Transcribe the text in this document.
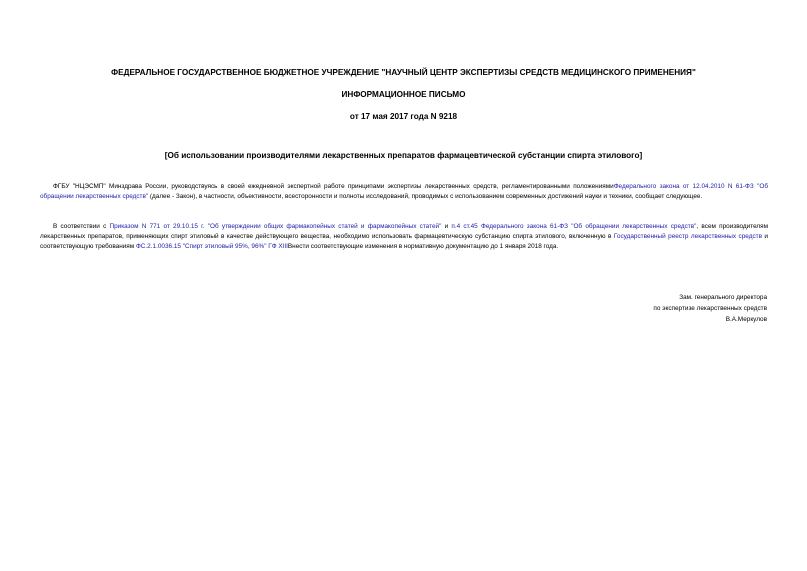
ФЕДЕРАЛЬНОЕ ГОСУДАРСТВЕННОЕ БЮДЖЕТНОЕ УЧРЕЖДЕНИЕ "НАУЧНЫЙ ЦЕНТР ЭКСПЕРТИЗЫ СРЕДСТВ МЕДИЦИНСКОГО ПРИМЕНЕНИЯ"
ИНФОРМАЦИОННОЕ ПИСЬМО
от 17 мая 2017 года N 9218
[Об использовании производителями лекарственных препаратов фармацевтической субстанции спирта этилового]
ФГБУ "НЦЭСМП" Минздрава России, руководствуясь в своей ежедневной экспертной работе принципами экспертизы лекарственных средств, регламентированными положениямиФедерального закона от 12.04.2010 N 61-ФЗ "Об обращении лекарственных средств" (далее - Закон), в частности, объективности, всесторонности и полноты исследований, проводимых с использованием современных достижений науки и техники, сообщает следующее.
В соответствии с Приказом N 771 от 29.10.15 г. "Об утверждении общих фармакопейных статей и фармакопейных статей" и п.4 ст.45 Федерального закона 61-ФЗ "Об обращении лекарственных средств", всем производителям лекарственных препаратов, применяющих спирт этиловый в качестве действующего вещества, необходимо использовать фармацевтическую субстанцию спирта этилового, включенную в Государственный реестр лекарственных средств и соответствующую требованиям ФС.2.1.0036.15 "Спирт этиловый 95%, 96%" ГФ XIIIВнести соответствующие изменения в нормативную документацию до 1 января 2018 года.
Зам. генерального директора
по экспертизе лекарственных средств
В.А.Меркулов
